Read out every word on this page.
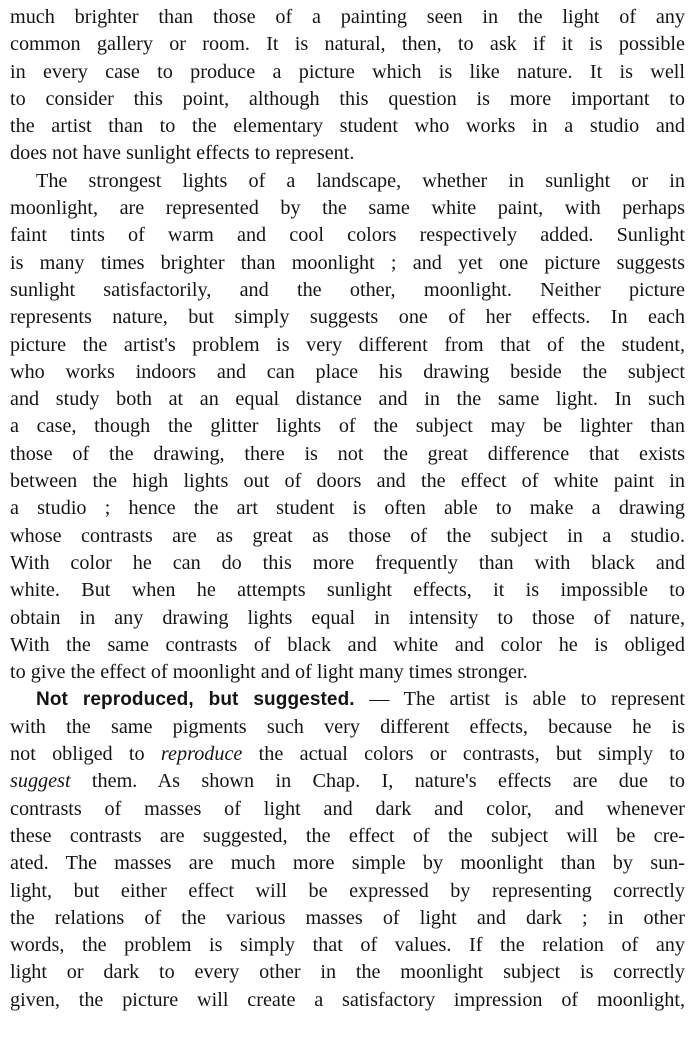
much brighter than those of a painting seen in the light of any
common gallery or room. It is natural, then, to ask if it is possible
in every case to produce a picture which is like nature. It is well
to consider this point, although this question is more important to
the artist than to the elementary student who works in a studio and
does not have sunlight effects to represent.
The strongest lights of a landscape, whether in sunlight or in
moonlight, are represented by the same white paint, with perhaps
faint tints of warm and cool colors respectively added. Sunlight
is many times brighter than moonlight ; and yet one picture suggests
sunlight satisfactorily, and the other, moonlight. Neither picture
represents nature, but simply suggests one of her effects. In each
picture the artist's problem is very different from that of the student,
who works indoors and can place his drawing beside the subject
and study both at an equal distance and in the same light. In such
a case, though the glitter lights of the subject may be lighter than
those of the drawing, there is not the great difference that exists
between the high lights out of doors and the effect of white paint in
a studio ; hence the art student is often able to make a drawing
whose contrasts are as great as those of the subject in a studio.
With color he can do this more frequently than with black and
white. But when he attempts sunlight effects, it is impossible to
obtain in any drawing lights equal in intensity to those of nature,
With the same contrasts of black and white and color he is obliged
to give the effect of moonlight and of light many times stronger.
Not reproduced, but suggested. — The artist is able to represent
with the same pigments such very different effects, because he is
not obliged to reproduce the actual colors or contrasts, but simply to
suggest them. As shown in Chap. I, nature's effects are due to
contrasts of masses of light and dark and color, and whenever
these contrasts are suggested, the effect of the subject will be cre-
ated. The masses are much more simple by moonlight than by sun-
light, but either effect will be expressed by representing correctly
the relations of the various masses of light and dark ; in other
words, the problem is simply that of values. If the relation of any
light or dark to every other in the moonlight subject is correctly
given, the picture will create a satisfactory impression of moonlight,
